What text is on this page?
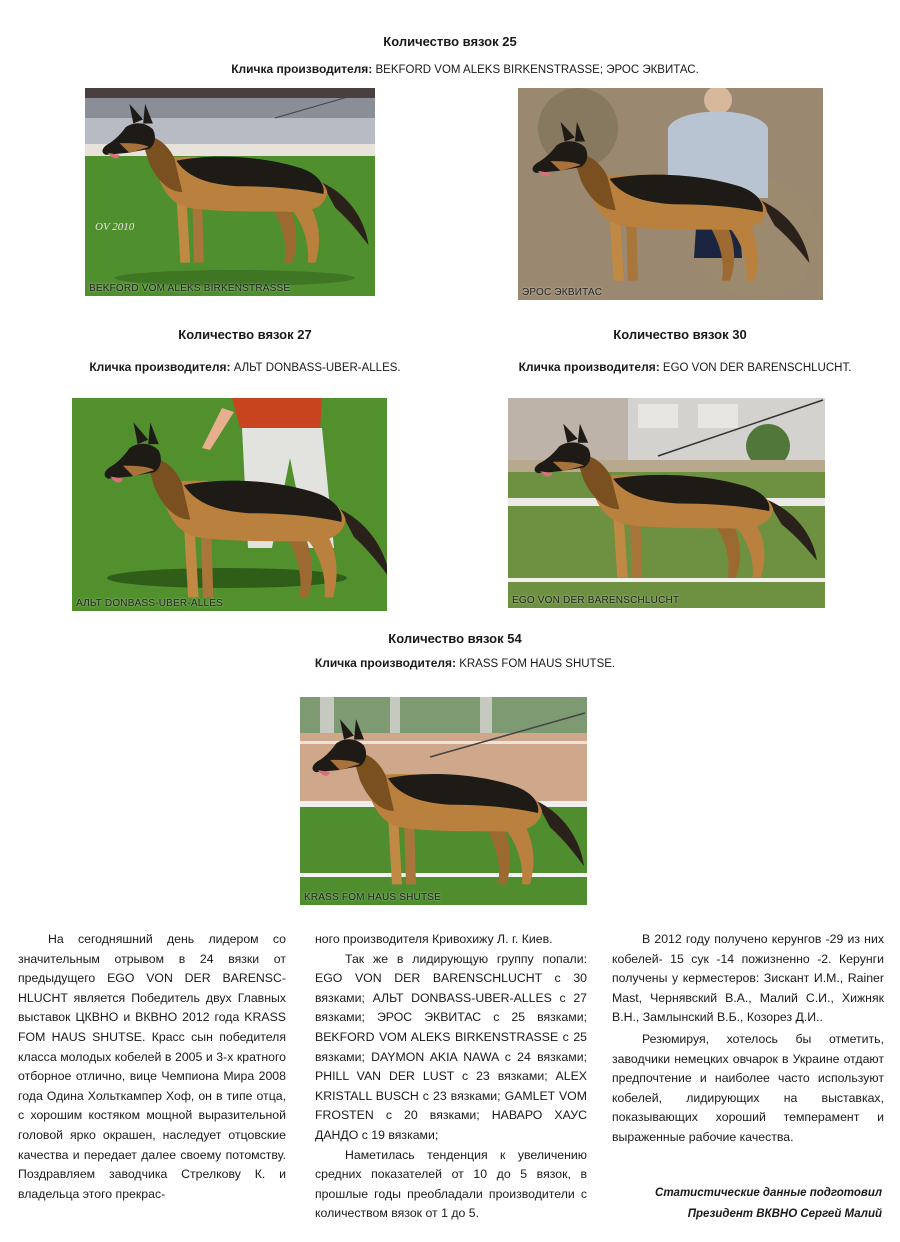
Количество вязок 25
Кличка производителя: BEKFORD VOM ALEKS BIRKENSTRASSE; ЭРОС ЭКВИТАС.
OV 2010
BEKFORD VOM ALEKS BIRKENSTRASSE	ЭРОС ЭКВИТАС
Количество вязок 27
Кличка производителя: АЛЬТ DONBASS-UBER-ALLES.
АЛЬТ DONBASS-UBER-ALLES
Количество вязок 30
Кличка производителя: EGO VON DER BARENSCHLUCHT.
EGO VON DER BARENSCHLUCHT
Количество вязок 54
Кличка производителя: KRASS FOM HAUS SHUTSE.
KRASS FOM HAUS SHUTSE

На сегодняшний день лидером со значительным отрывом в 24 вязки от предыдущего EGO VON DER BARENSC-HLUCHT является Победитель двух Главных выставок ЦКВНО и ВКВНО 2012 года KRASS FOM HAUS SHUTSE. Красс сын победителя класса молодых кобелей в 2005 и 3-х кратного отборное отлично, вице Чемпиона Мира 2008 года Одина Хольткампер Хоф, он в типе отца, с хорошим костяком мощной выразительной головой ярко окрашен, наследует отцовские качества и передает далее своему потомству. Поздравляем заводчика Стрелкову К. и владельца этого прекрас-

ного производителя Кривохижу Л. г. Киев.

Так же в лидирующую группу попали: EGO VON DER BARENSCHLUCHT с 30 вязками; АЛЬТ DONBASS-UBER-ALLES с 27 вязками; ЭРОС ЭКВИТАС с 25 вязками; BEKFORD VOM ALEKS BIRKENSTRASSE с 25 вязками; DAYMON AKIA NAWA с 24 вязками; PHILL VAN DER LUST с 23 вязками; ALEX KRISTALL BUSCH с 23 вязками; GAMLET VOM FROSTEN с 20 вязками; НАВАРО ХАУС ДАНДО с 19 вязками;

Наметилась тенденция к увеличению средних показателей от 10 до 5 вязок, в прошлые годы преобладали производители с количеством вязок от 1 до 5.

В 2012 году получено керунгов -29 из них кобелей- 15 сук -14 пожизненно -2. Керунги получены у керместеров: Зискант И.М., Rainer Mast, Чернявский В.А., Малий С.И., Хижняк В.Н., Замлынский В.Б., Козорез Д.И..

Резюмируя, хотелось бы отметить, заводчики немецких овчарок в Украине отдают предпочтение и наиболее часто используют кобелей, лидирующих на выставках, показывающих хороший темперамент и выраженные рабочие качества.

Статистические данные подготовил
Президент ВКВНО Сергей Малий
